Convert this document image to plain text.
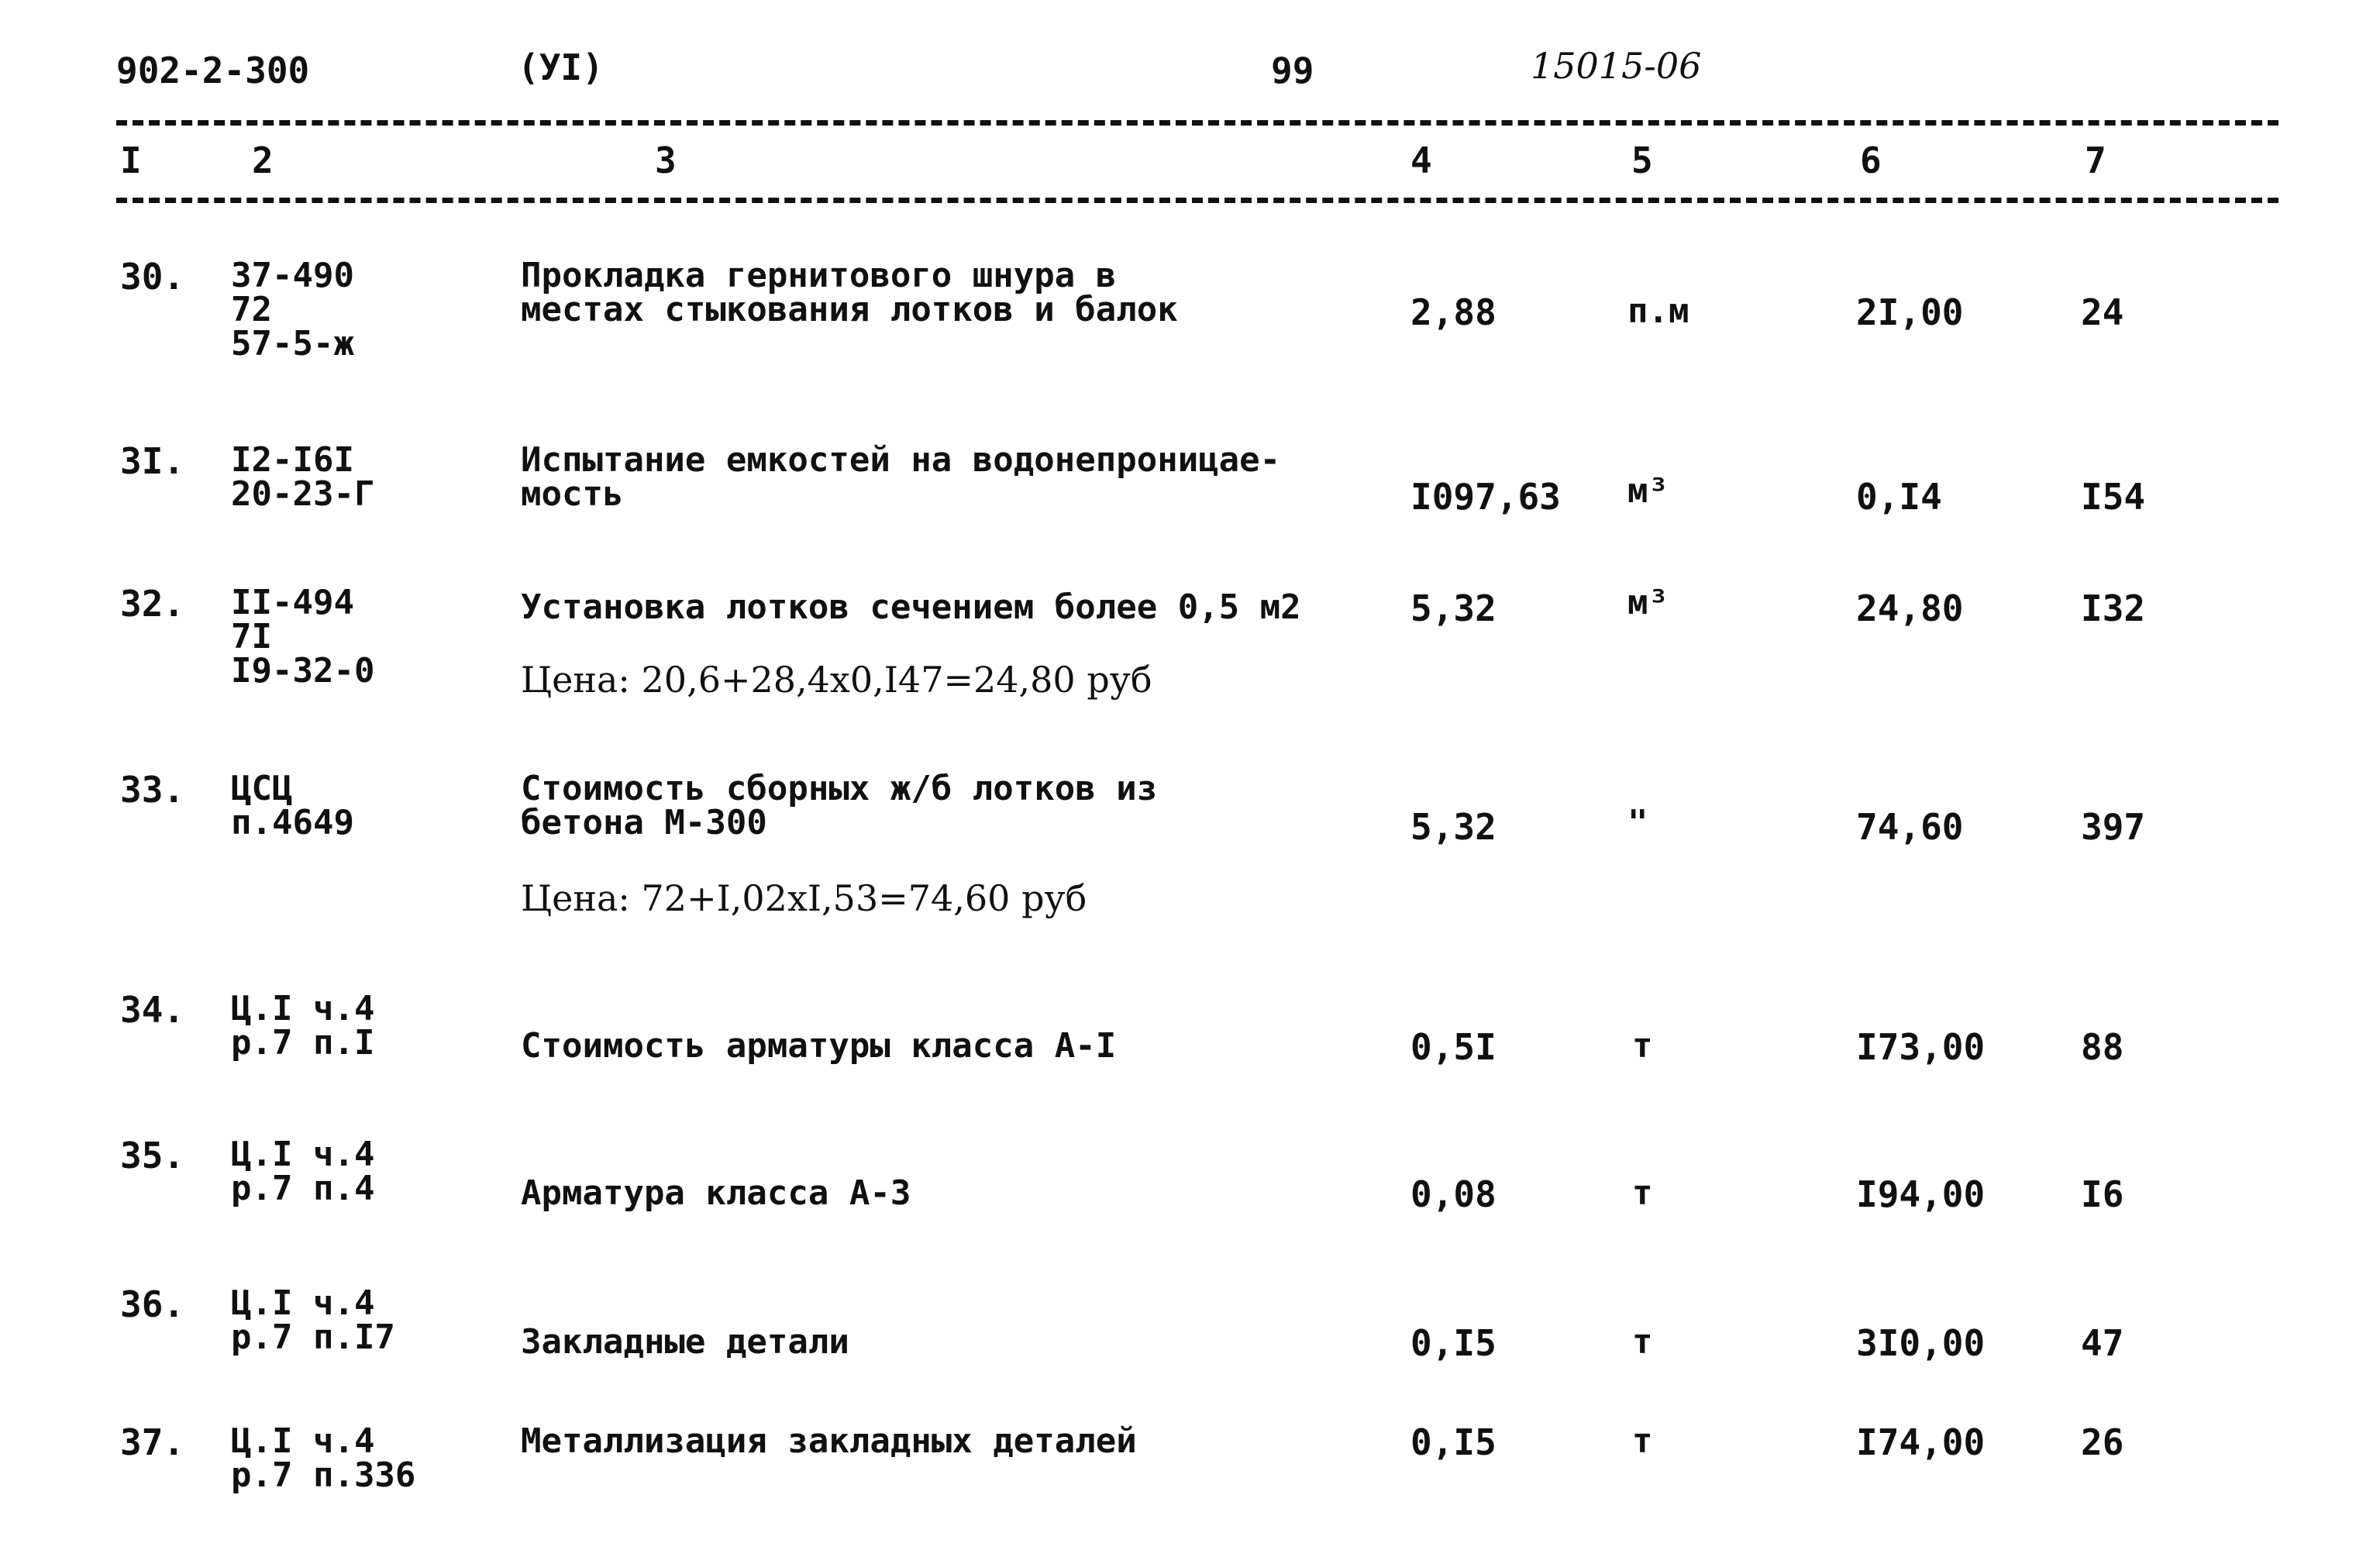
902-2-300	(УI)	99	15015-06
I	2	3	4	5	6	7
30. 37-490
72
57-5-ж
Прокладка гернитового шнура в
местах стыкования лотков и балок	2,88	п.м	2I,00	24
3I. I2-I6I
20-23-Г
Испытание емкостей на водонепроницае-
мость	I097,63 м³	0,I4	I54
32. II-494
7I
I9-32-0
Установка лотков сечением более 0,5 м2
Цена: 20,6+28,4х0,I47=24,80 руб
5,32	м³	24,80	I32
33. ЦСЦ
п.4649
Стоимость сборных ж/б лотков из
бетона М-300
Цена: 72+I,02хI,53=74,60 руб
5,32	"	74,60	397
34. Ц.I ч.4
р.7 п.I	Стоимость арматуры класса А-I	0,5I	т	I73,00	88
35. Ц.I ч.4
р.7 п.4	Арматура класса А-3	0,08	т	I94,00	I6
36. Ц.I ч.4
р.7 п.I7	Закладные детали	0,I5	т	3I0,00	47
37. Ц.I ч.4
р.7 п.336
Металлизация закладных деталей	0,I5	т	I74,00	26
